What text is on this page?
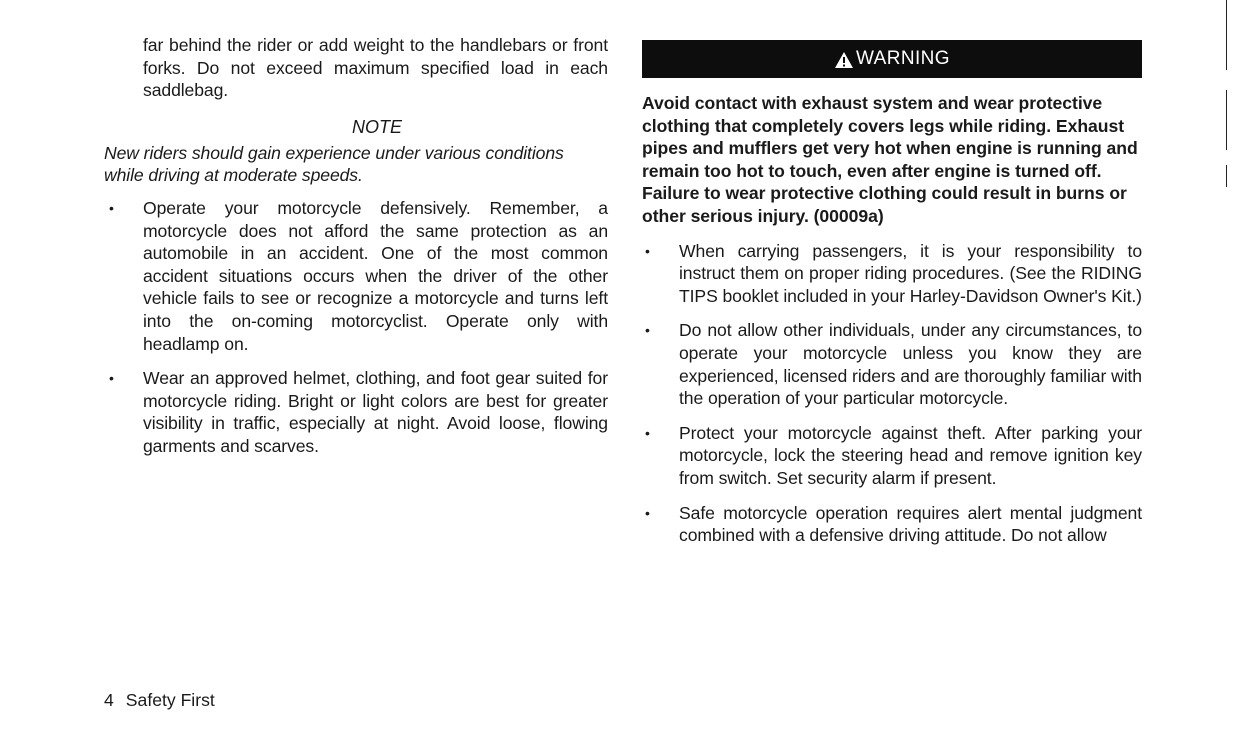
far behind the rider or add weight to the handlebars or front forks. Do not exceed maximum specified load in each saddlebag.

NOTE

New riders should gain experience under various conditions while driving at moderate speeds.

• Operate your motorcycle defensively. Remember, a motorcycle does not afford the same protection as an automobile in an accident. One of the most common accident situations occurs when the driver of the other vehicle fails to see or recognize a motorcycle and turns left into the on-coming motorcyclist. Operate only with headlamp on.

• Wear an approved helmet, clothing, and foot gear suited for motorcycle riding. Bright or light colors are best for greater visibility in traffic, especially at night. Avoid loose, flowing garments and scarves.

WARNING

Avoid contact with exhaust system and wear protective clothing that completely covers legs while riding. Exhaust pipes and mufflers get very hot when engine is running and remain too hot to touch, even after engine is turned off. Failure to wear protective clothing could result in burns or other serious injury. (00009a)

• When carrying passengers, it is your responsibility to instruct them on proper riding procedures. (See the RIDING TIPS booklet included in your Harley-Davidson Owner's Kit.)

• Do not allow other individuals, under any circumstances, to operate your motorcycle unless you know they are experienced, licensed riders and are thoroughly familiar with the operation of your particular motorcycle.

• Protect your motorcycle against theft. After parking your motorcycle, lock the steering head and remove ignition key from switch. Set security alarm if present.

• Safe motorcycle operation requires alert mental judgment combined with a defensive driving attitude. Do not allow

4 Safety First
